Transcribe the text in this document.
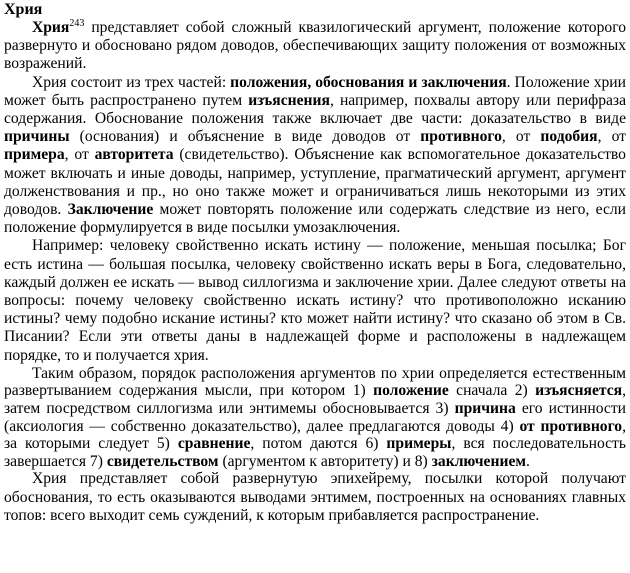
Хрия

Хрия$^{243}$ представляет собой сложный квазилогический аргумент, положение которого развернуто и обосновано рядом доводов, обеспечивающих защиту положения от возможных возражений.

Хрия состоит из трех частей: положения, обоснования и заключения. Положение хрии может быть распространено путем изъяснения, например, похвалы автору или перифраза содержания. Обоснование положения также включает две части: доказательство в виде причины (основания) и объяснение в виде доводов от противного, от подобия, от примера, от авторитета (свидетельство). Объяснение как вспомогательное доказательство может включать и иные доводы, например, уступление, прагматический аргумент, аргумент долженствования и пр., но оно также может и ограничиваться лишь некоторыми из этих доводов. Заключение может повторять положение или содержать следствие из него, если положение формулируется в виде посылки умозаключения.

Например: человеку свойственно искать истину — положение, меньшая посылка; Бог есть истина — большая посылка, человеку свойственно искать веры в Бога, следовательно, каждый должен ее искать — вывод силлогизма и заключение хрии. Далее следуют ответы на вопросы: почему человеку свойственно искать истину? что противоположно исканию истины? чему подобно искание истины? кто может найти истину? что сказано об этом в Св. Писании? Если эти ответы даны в надлежащей форме и расположены в надлежащем порядке, то и получается хрия.

Таким образом, порядок расположения аргументов по хрии определяется естественным развертыванием содержания мысли, при котором 1) положение сначала 2) изъясняется, затем посредством силлогизма или энтимемы обосновывается 3) причина его истинности (аксиология — собственно доказательство), далее предлагаются доводы 4) от противного, за которыми следует 5) сравнение, потом даются 6) примеры, вся последовательность завершается 7) свидетельством (аргументом к авторитету) и 8) заключением.

Хрия представляет собой развернутую эпихейрему, посылки которой получают обоснования, то есть оказываются выводами энтимем, построенных на основаниях главных топов: всего выходит семь суждений, к которым прибавляется распространение.
